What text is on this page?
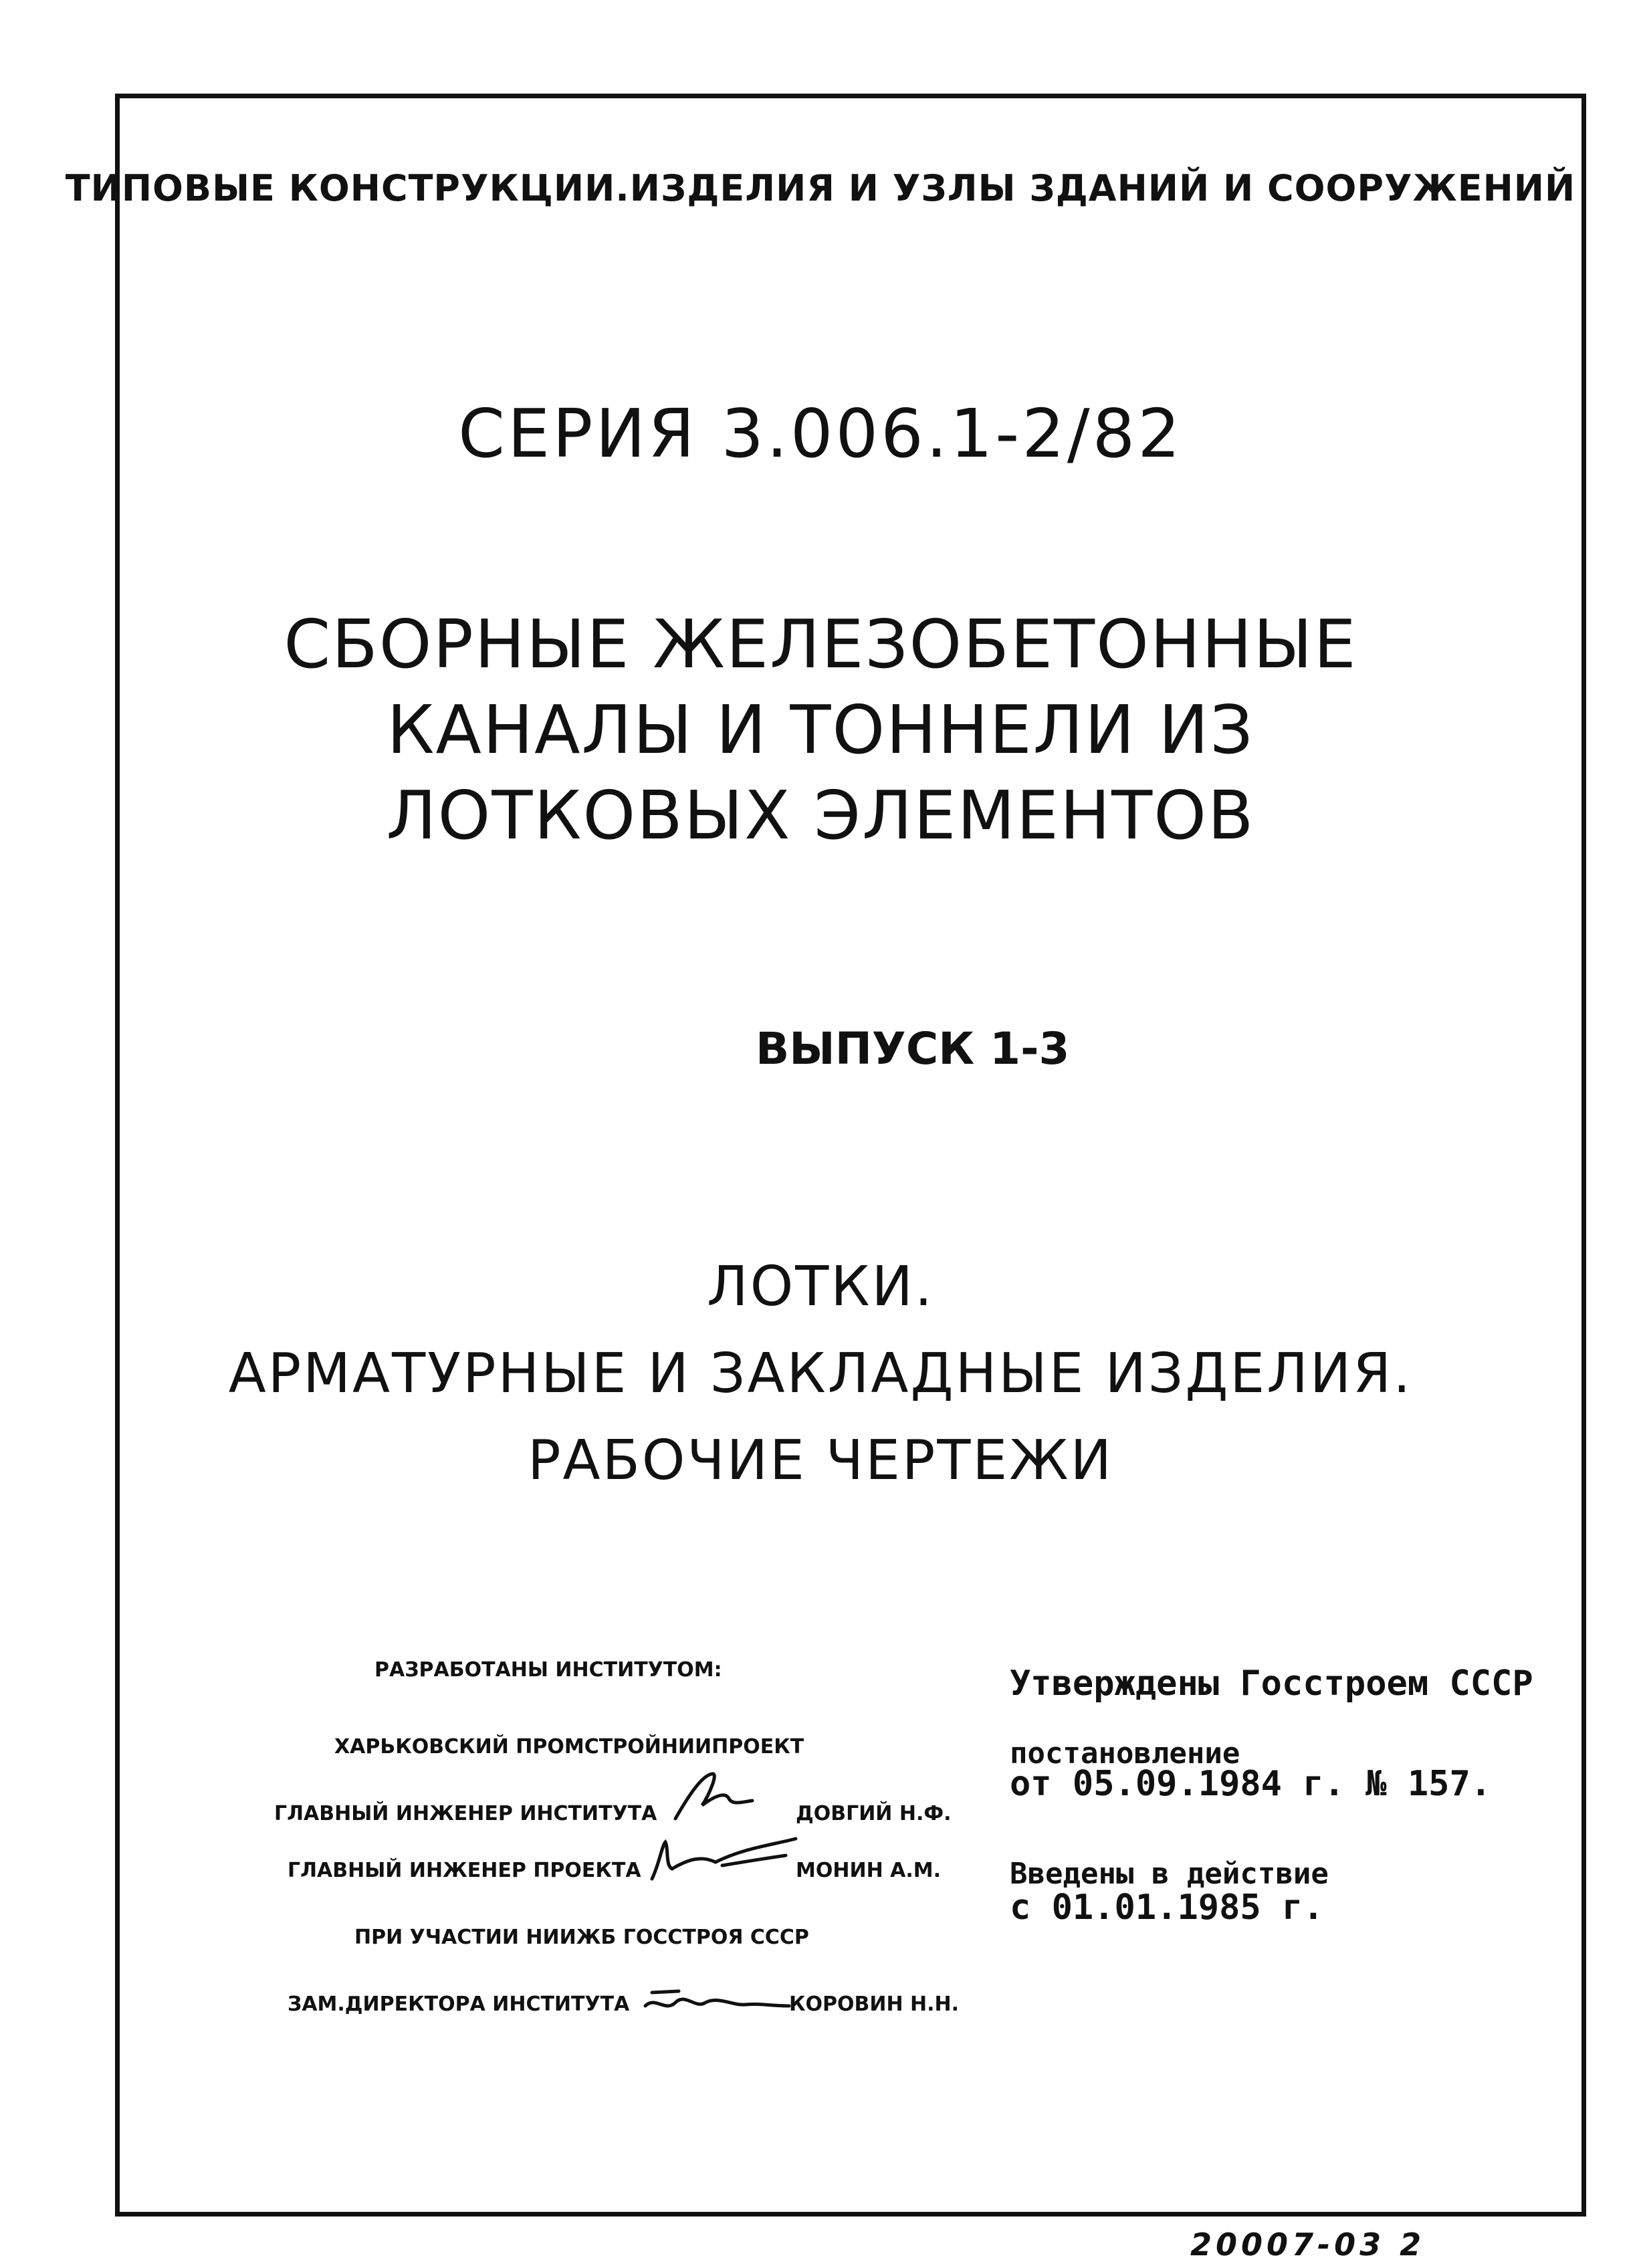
ТИПОВЫЕ КОНСТРУКЦИИ.ИЗДЕЛИЯ И УЗЛЫ ЗДАНИЙ И СООРУЖЕНИЙ
СЕРИЯ 3.006.1-2/82
СБОРНЫЕ ЖЕЛЕЗОБЕТОННЫЕ
КАНАЛЫ И ТОННЕЛИ ИЗ
ЛОТКОВЫХ ЭЛЕМЕНТОВ
ВЫПУСК 1-3
ЛОТКИ.
АРМАТУРНЫЕ И ЗАКЛАДНЫЕ ИЗДЕЛИЯ.
РАБОЧИЕ ЧЕРТЕЖИ
РАЗРАБОТАНЫ ИНСТИТУТОМ:
ХАРЬКОВСКИЙ ПРОМСТРОЙНИИПРОЕКТ
ГЛАВНЫЙ ИНЖЕНЕР ИНСТИТУТА	ДОВГИЙ Н.Ф.
ГЛАВНЫЙ ИНЖЕНЕР ПРОЕКТА	МОНИН А.М.
ПРИ УЧАСТИИ НИИЖБ ГОССТРОЯ СССР
ЗАМ.ДИРЕКТОРА ИНСТИТУТА	КОРОВИН Н.Н.
Утверждены Госстроем СССР
постановление
от 05.09.1984 г. № 157.
Введены в действие
с 01.01.1985 г.
20007-03 2
